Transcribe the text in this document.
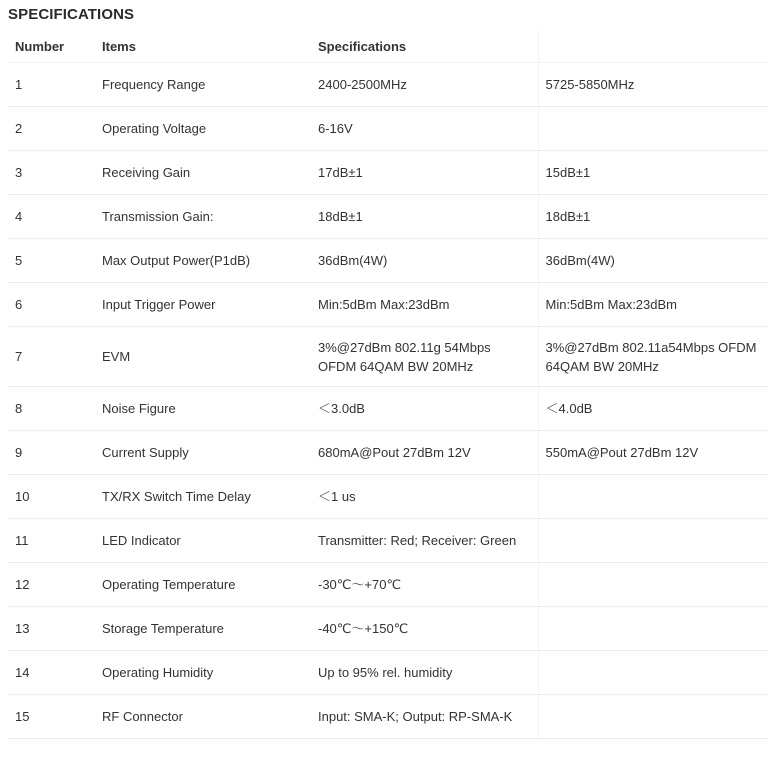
SPECIFICATIONS
Number	Items	Specifications	
1	Frequency Range	2400-2500MHz	5725-5850MHz
2	Operating Voltage	6-16V	
3	Receiving Gain	17dB±1	15dB±1
4	Transmission Gain:	18dB±1	18dB±1
5	Max Output Power(P1dB)	36dBm(4W)	36dBm(4W)
6	Input Trigger Power	Min:5dBm Max:23dBm	Min:5dBm Max:23dBm
7	EVM	3%@27dBm 802.11g 54Mbps OFDM 64QAM BW 20MHz	3%@27dBm 802.11a54Mbps OFDM 64QAM BW 20MHz
8	Noise Figure	＜3.0dB	＜4.0dB
9	Current Supply	680mA@Pout 27dBm 12V	550mA@Pout 27dBm 12V
10	TX/RX Switch Time Delay	＜1 us	
11	LED Indicator	Transmitter: Red; Receiver: Green	
12	Operating Temperature	-30℃～+70℃	
13	Storage Temperature	-40℃～+150℃	
14	Operating Humidity	Up to 95% rel. humidity	
15	RF Connector	Input: SMA-K; Output: RP-SMA-K	
